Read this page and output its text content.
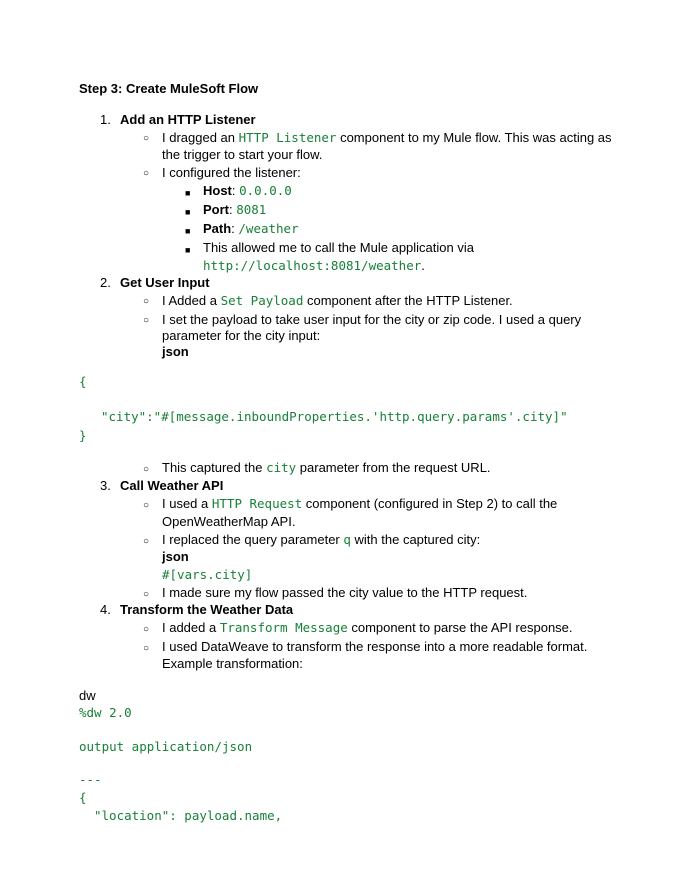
Step 3: Create MuleSoft Flow
1. Add an HTTP Listener
○ I dragged an HTTP Listener component to my Mule flow. This was acting as
the trigger to start your flow.
○ I configured the listener:
■ Host: 0.0.0.0
■ Port: 8081
■ Path: /weather
■ This allowed me to call the Mule application via
http://localhost:8081/weather.
2. Get User Input
○ I Added a Set Payload component after the HTTP Listener.
○ I set the payload to take user input for the city or zip code. I used a query
parameter for the city input:
json
{
"city":"#[message.inboundProperties.'http.query.params'.city]"
}
○ This captured the city parameter from the request URL.
3. Call Weather API
○ I used a HTTP Request component (configured in Step 2) to call the
OpenWeatherMap API.
○ I replaced the query parameter q with the captured city:
json
#[vars.city]
○ I made sure my flow passed the city value to the HTTP request.
4. Transform the Weather Data
○ I added a Transform Message component to parse the API response.
○ I used DataWeave to transform the response into a more readable format.
Example transformation:
dw
%dw 2.0
output application/json
---
{
"location": payload.name,
